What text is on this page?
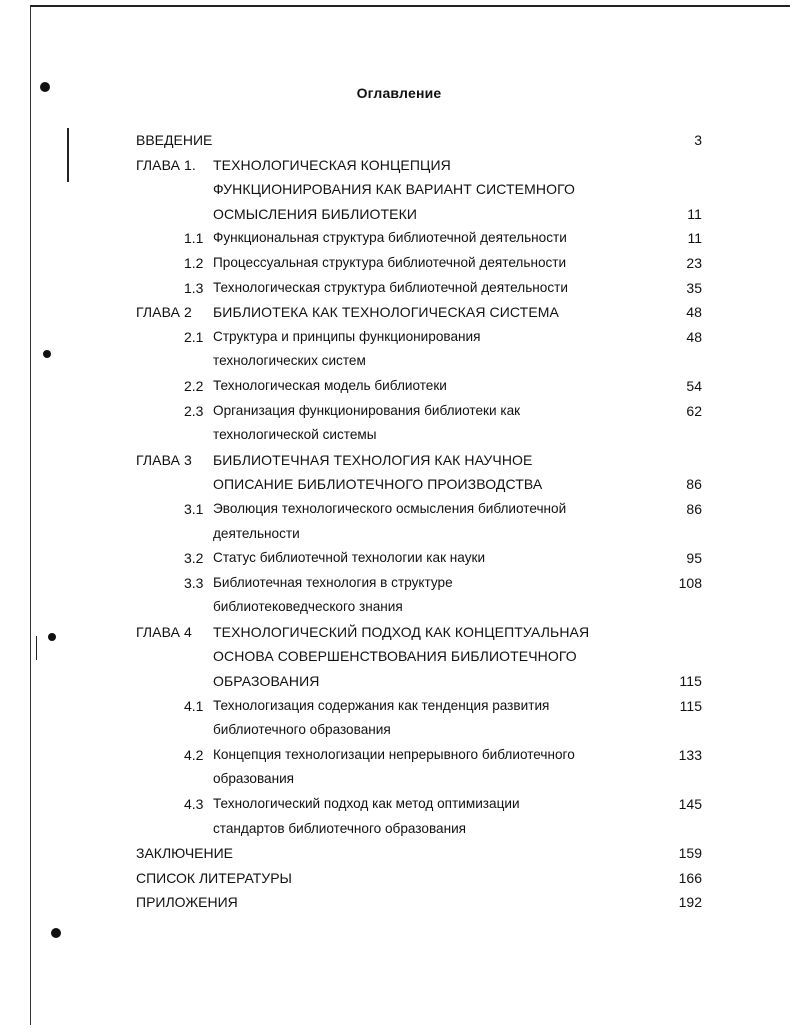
Оглавление
ВВЕДЕНИЕ	3
ГЛАВА 1. ТЕХНОЛОГИЧЕСКАЯ КОНЦЕПЦИЯ
ФУНКЦИОНИРОВАНИЯ КАК ВАРИАНТ СИСТЕМНОГО
ОСМЫСЛЕНИЯ БИБЛИОТЕКИ	11
1.1 Функциональная структура библиотечной деятельности	11
1.2 Процессуальная структура библиотечной деятельности	23
1.3 Технологическая структура библиотечной деятельности	35
ГЛАВА 2 БИБЛИОТЕКА КАК ТЕХНОЛОГИЧЕСКАЯ СИСТЕМА	48
2.1 Структура и принципы функционирования	48
технологических систем
2.2 Технологическая модель библиотеки	54
2.3 Организация функционирования библиотеки как	62
технологической системы
ГЛАВА 3 БИБЛИОТЕЧНАЯ ТЕХНОЛОГИЯ КАК НАУЧНОЕ
ОПИСАНИЕ БИБЛИОТЕЧНОГО ПРОИЗВОДСТВА	86
3.1 Эволюция технологического осмысления библиотечной	86
деятельности
3.2 Статус библиотечной технологии как науки	95
3.3 Библиотечная технология в структуре	108
библиотековедческого знания
ГЛАВА 4 ТЕХНОЛОГИЧЕСКИЙ ПОДХОД КАК КОНЦЕПТУАЛЬНАЯ
ОСНОВА СОВЕРШЕНСТВОВАНИЯ БИБЛИОТЕЧНОГО
ОБРАЗОВАНИЯ	115
4.1 Технологизация содержания как тенденция развития	115
библиотечного образования
4.2 Концепция технологизации непрерывного библиотечного	133
образования
4.3 Технологический подход как метод оптимизации	145
стандартов библиотечного образования
ЗАКЛЮЧЕНИЕ	159
СПИСОК ЛИТЕРАТУРЫ	166
ПРИЛОЖЕНИЯ	192
